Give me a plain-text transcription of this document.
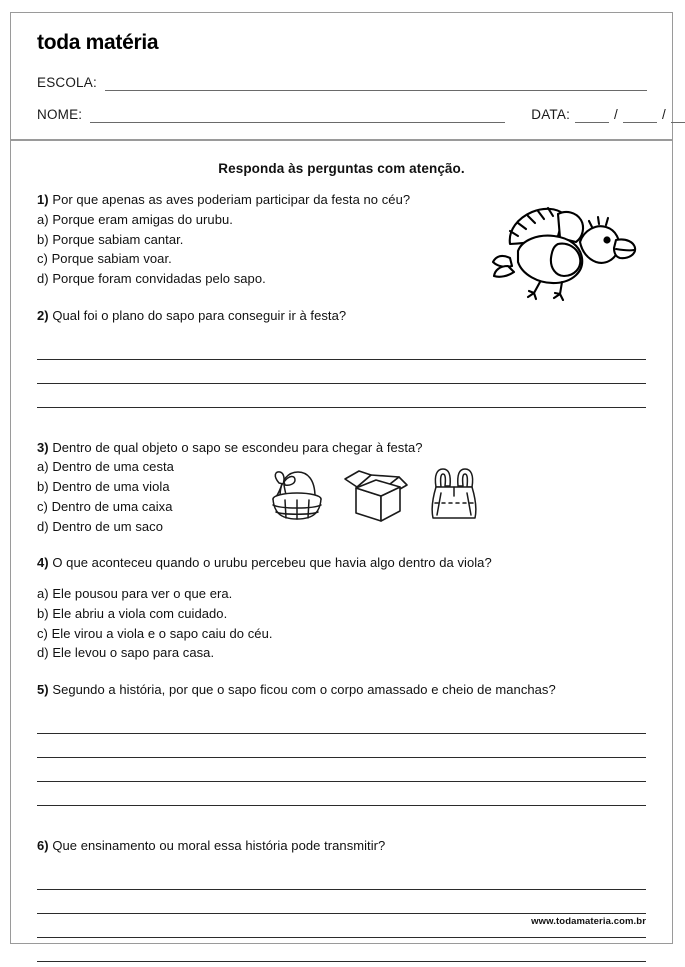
toda matéria
ESCOLA:
NOME:	DATA:	/	/
Responda às perguntas com atenção.
1) Por que apenas as aves poderiam participar da festa no céu?
a) Porque eram amigas do urubu.
b) Porque sabiam cantar.
c) Porque sabiam voar.
d) Porque foram convidadas pelo sapo.
2) Qual foi o plano do sapo para conseguir ir à festa?
3) Dentro de qual objeto o sapo se escondeu para chegar à festa?
a) Dentro de uma cesta
b) Dentro de uma viola
c) Dentro de uma caixa
d) Dentro de um saco
4) O que aconteceu quando o urubu percebeu que havia algo dentro da viola?
a) Ele pousou para ver o que era.
b) Ele abriu a viola com cuidado.
c) Ele virou a viola e o sapo caiu do céu.
d) Ele levou o sapo para casa.
5) Segundo a história, por que o sapo ficou com o corpo amassado e cheio de manchas?
6) Que ensinamento ou moral essa história pode transmitir?
www.todamateria.com.br
